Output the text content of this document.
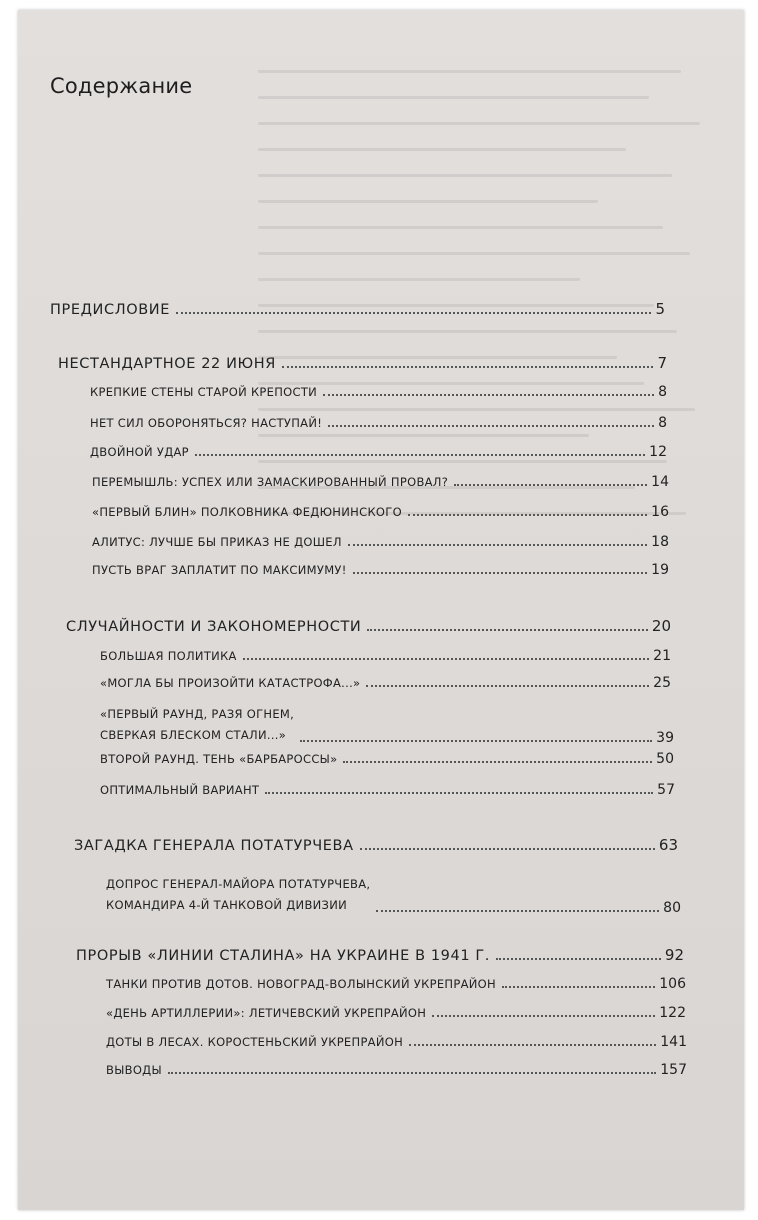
Содержание
ПРЕДИСЛОВИЕ	5
НЕСТАНДАРТНОЕ 22 ИЮНЯ	7
КРЕПКИЕ СТЕНЫ СТАРОЙ КРЕПОСТИ	8
НЕТ СИЛ ОБОРОНЯТЬСЯ? НАСТУПАЙ!	8
ДВОЙНОЙ УДАР	12
ПЕРЕМЫШЛЬ: УСПЕХ ИЛИ ЗАМАСКИРОВАННЫЙ ПРОВАЛ?	14
«ПЕРВЫЙ БЛИН» ПОЛКОВНИКА ФЕДЮНИНСКОГО	16
АЛИТУС: ЛУЧШЕ БЫ ПРИКАЗ НЕ ДОШЕЛ	18
ПУСТЬ ВРАГ ЗАПЛАТИТ ПО МАКСИМУМУ!	19
СЛУЧАЙНОСТИ И ЗАКОНОМЕРНОСТИ	20
БОЛЬШАЯ ПОЛИТИКА	21
«МОГЛА БЫ ПРОИЗОЙТИ КАТАСТРОФА...»	25
«ПЕРВЫЙ РАУНД, РАЗЯ ОГНЕМ,
СВЕРКАЯ БЛЕСКОМ СТАЛИ...»	39
ВТОРОЙ РАУНД. ТЕНЬ «БАРБАРОССЫ»	50
ОПТИМАЛЬНЫЙ ВАРИАНТ	57
ЗАГАДКА ГЕНЕРАЛА ПОТАТУРЧЕВА	63
ДОПРОС ГЕНЕРАЛ-МАЙОРА ПОТАТУРЧЕВА,
КОМАНДИРА 4-Й ТАНКОВОЙ ДИВИЗИИ	80
ПРОРЫВ «ЛИНИИ СТАЛИНА» НА УКРАИНЕ В 1941 Г.	92
ТАНКИ ПРОТИВ ДОТОВ. НОВОГРАД-ВОЛЫНСКИЙ УКРЕПРАЙОН	106
«ДЕНЬ АРТИЛЛЕРИИ»: ЛЕТИЧЕВСКИЙ УКРЕПРАЙОН	122
ДОТЫ В ЛЕСАХ. КОРОСТЕНЬСКИЙ УКРЕПРАЙОН	141
ВЫВОДЫ	157
